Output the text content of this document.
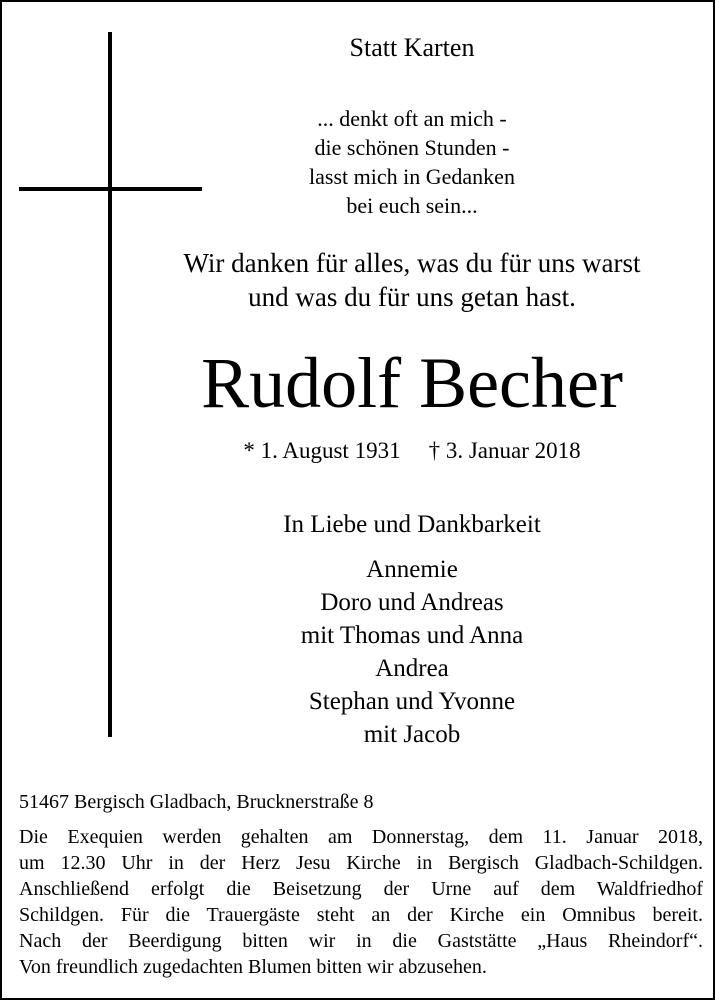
Statt Karten
... denkt oft an mich -
die schönen Stunden -
lasst mich in Gedanken
bei euch sein...
Wir danken für alles, was du für uns warst
und was du für uns getan hast.
Rudolf Becher
* 1. August 1931 † 3. Januar 2018
In Liebe und Dankbarkeit
Annemie
Doro und Andreas
mit Thomas und Anna
Andrea
Stephan und Yvonne
mit Jacob
51467 Bergisch Gladbach, Brucknerstraße 8
Die Exequien werden gehalten am Donnerstag, dem 11. Januar 2018,
um 12.30 Uhr in der Herz Jesu Kirche in Bergisch Gladbach-Schildgen.
Anschließend erfolgt die Beisetzung der Urne auf dem Waldfriedhof
Schildgen. Für die Trauergäste steht an der Kirche ein Omnibus bereit.
Nach der Beerdigung bitten wir in die Gaststätte „Haus Rheindorf“.
Von freundlich zugedachten Blumen bitten wir abzusehen.
